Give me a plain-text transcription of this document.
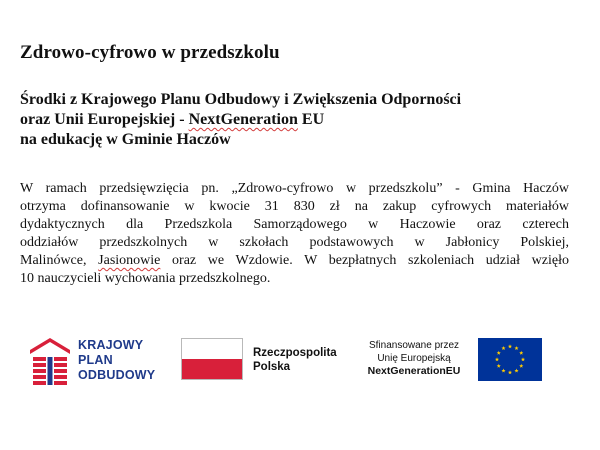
Zdrowo-cyfrowo w przedszkolu
Środki z Krajowego Planu Odbudowy i Zwiększenia Odporności
oraz Unii Europejskiej - NextGeneration EU
na edukację w Gminie Haczów
W ramach przedsięwzięcia pn. „Zdrowo-cyfrowo w przedszkolu” - Gmina Haczów
otrzyma dofinansowanie w kwocie 31 830 zł na zakup cyfrowych materiałów
dydaktycznych dla Przedszkola Samorządowego w Haczowie oraz czterech
oddziałów przedszkolnych w szkołach podstawowych w Jabłonicy Polskiej,
Malinówce, Jasionowie oraz we Wzdowie. W bezpłatnych szkoleniach udział wzięło
10 nauczycieli wychowania przedszkolnego.
KRAJOWY
PLAN
ODBUDOWY
Rzeczpospolita
Polska
Sfinansowane przez
Unię Europejską
NextGenerationEU
